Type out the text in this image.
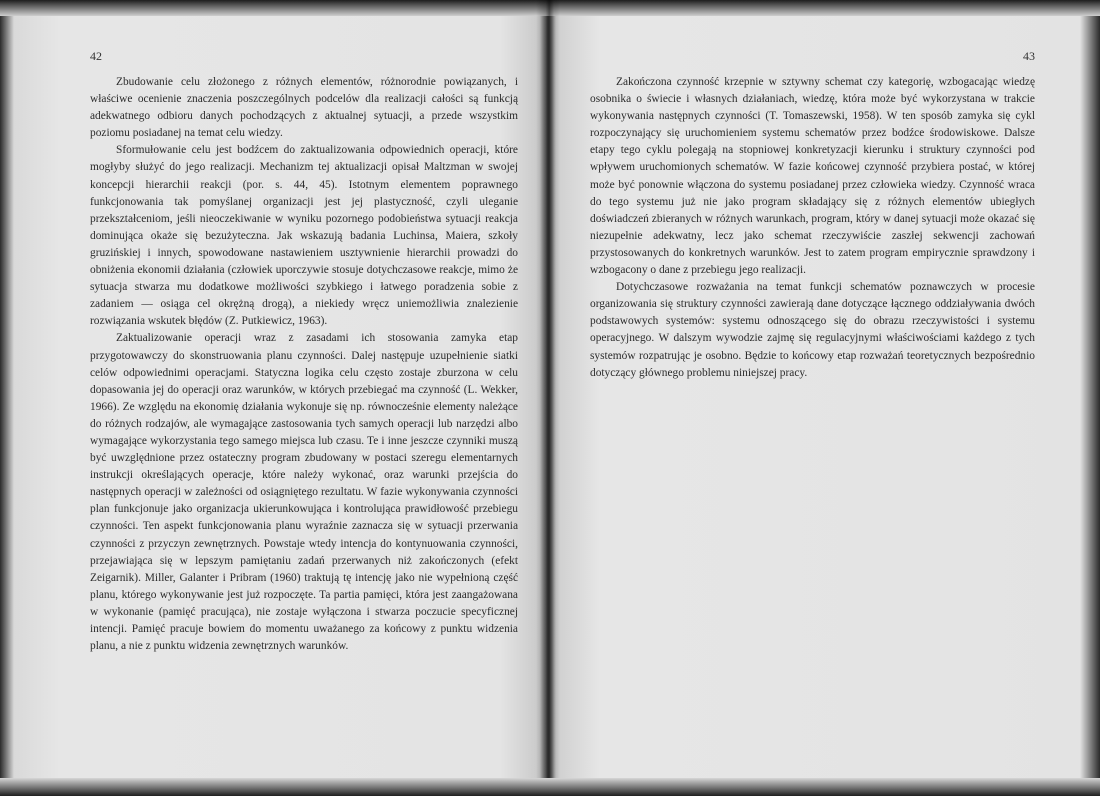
42

Zbudowanie celu złożonego z różnych elementów, różnorodnie powiązanych, i właściwe ocenienie znaczenia poszczególnych podcelów dla realizacji całości są funkcją adekwatnego odbioru danych pochodzących z aktualnej sytuacji, a przede wszystkim poziomu posiadanej na temat celu wiedzy.

Sformułowanie celu jest bodźcem do zaktualizowania odpowiednich operacji, które mogłyby służyć do jego realizacji. Mechanizm tej aktualizacji opisał Maltzman w swojej koncepcji hierarchii reakcji (por. s. 44, 45). Istotnym elementem poprawnego funkcjonowania tak pomyślanej organizacji jest jej plastyczność, czyli uleganie przekształceniom, jeśli nieoczekiwanie w wyniku pozornego podobieństwa sytuacji reakcja dominująca okaże się bezużyteczna. Jak wskazują badania Luchinsa, Maiera, szkoły gruzińskiej i innych, spowodowane nastawieniem usztywnienie hierarchii prowadzi do obniżenia ekonomii działania (człowiek uporczywie stosuje dotychczasowe reakcje, mimo że sytuacja stwarza mu dodatkowe możliwości szybkiego i łatwego poradzenia sobie z zadaniem — osiąga cel okrężną drogą), a niekiedy wręcz uniemożliwia znalezienie rozwiązania wskutek błędów (Z. Putkiewicz, 1963).

Zaktualizowanie operacji wraz z zasadami ich stosowania zamyka etap przygotowawczy do skonstruowania planu czynności. Dalej następuje uzupełnienie siatki celów odpowiednimi operacjami. Statyczna logika celu często zostaje zburzona w celu dopasowania jej do operacji oraz warunków, w których przebiegać ma czynność (L. Wekker, 1966). Ze względu na ekonomię działania wykonuje się np. równocześnie elementy należące do różnych rodzajów, ale wymagające zastosowania tych samych operacji lub narzędzi albo wymagające wykorzystania tego samego miejsca lub czasu. Te i inne jeszcze czynniki muszą być uwzględnione przez ostateczny program zbudowany w postaci szeregu elementarnych instrukcji określających operacje, które należy wykonać, oraz warunki przejścia do następnych operacji w zależności od osiągniętego rezultatu. W fazie wykonywania czynności plan funkcjonuje jako organizacja ukierunkowująca i kontrolująca prawidłowość przebiegu czynności. Ten aspekt funkcjonowania planu wyraźnie zaznacza się w sytuacji przerwania czynności z przyczyn zewnętrznych. Powstaje wtedy intencja do kontynuowania czynności, przejawiająca się w lepszym pamiętaniu zadań przerwanych niż zakończonych (efekt Zeigarnik). Miller, Galanter i Pribram (1960) traktują tę intencję jako nie wypełnioną część planu, którego wykonywanie jest już rozpoczęte. Ta partia pamięci, która jest zaangażowana w wykonanie (pamięć pracująca), nie zostaje wyłączona i stwarza poczucie specyficznej intencji. Pamięć pracuje bowiem do momentu uważanego za końcowy z punktu widzenia planu, a nie z punktu widzenia zewnętrznych warunków.

43

Zakończona czynność krzepnie w sztywny schemat czy kategorię, wzbogacając wiedzę osobnika o świecie i własnych działaniach, wiedzę, która może być wykorzystana w trakcie wykonywania następnych czynności (T. Tomaszewski, 1958). W ten sposób zamyka się cykl rozpoczynający się uruchomieniem systemu schematów przez bodźce środowiskowe. Dalsze etapy tego cyklu polegają na stopniowej konkretyzacji kierunku i struktury czynności pod wpływem uruchomionych schematów. W fazie końcowej czynność przybiera postać, w której może być ponownie włączona do systemu posiadanej przez człowieka wiedzy. Czynność wraca do tego systemu już nie jako program składający się z różnych elementów ubiegłych doświadczeń zbieranych w różnych warunkach, program, który w danej sytuacji może okazać się niezupełnie adekwatny, lecz jako schemat rzeczywiście zaszłej sekwencji zachowań przystosowanych do konkretnych warunków. Jest to zatem program empirycznie sprawdzony i wzbogacony o dane z przebiegu jego realizacji.

Dotychczasowe rozważania na temat funkcji schematów poznawczych w procesie organizowania się struktury czynności zawierają dane dotyczące łącznego oddziaływania dwóch podstawowych systemów: systemu odnoszącego się do obrazu rzeczywistości i systemu operacyjnego. W dalszym wywodzie zajmę się regulacyjnymi właściwościami każdego z tych systemów rozpatrując je osobno. Będzie to końcowy etap rozważań teoretycznych bezpośrednio dotyczący głównego problemu niniejszej pracy.
